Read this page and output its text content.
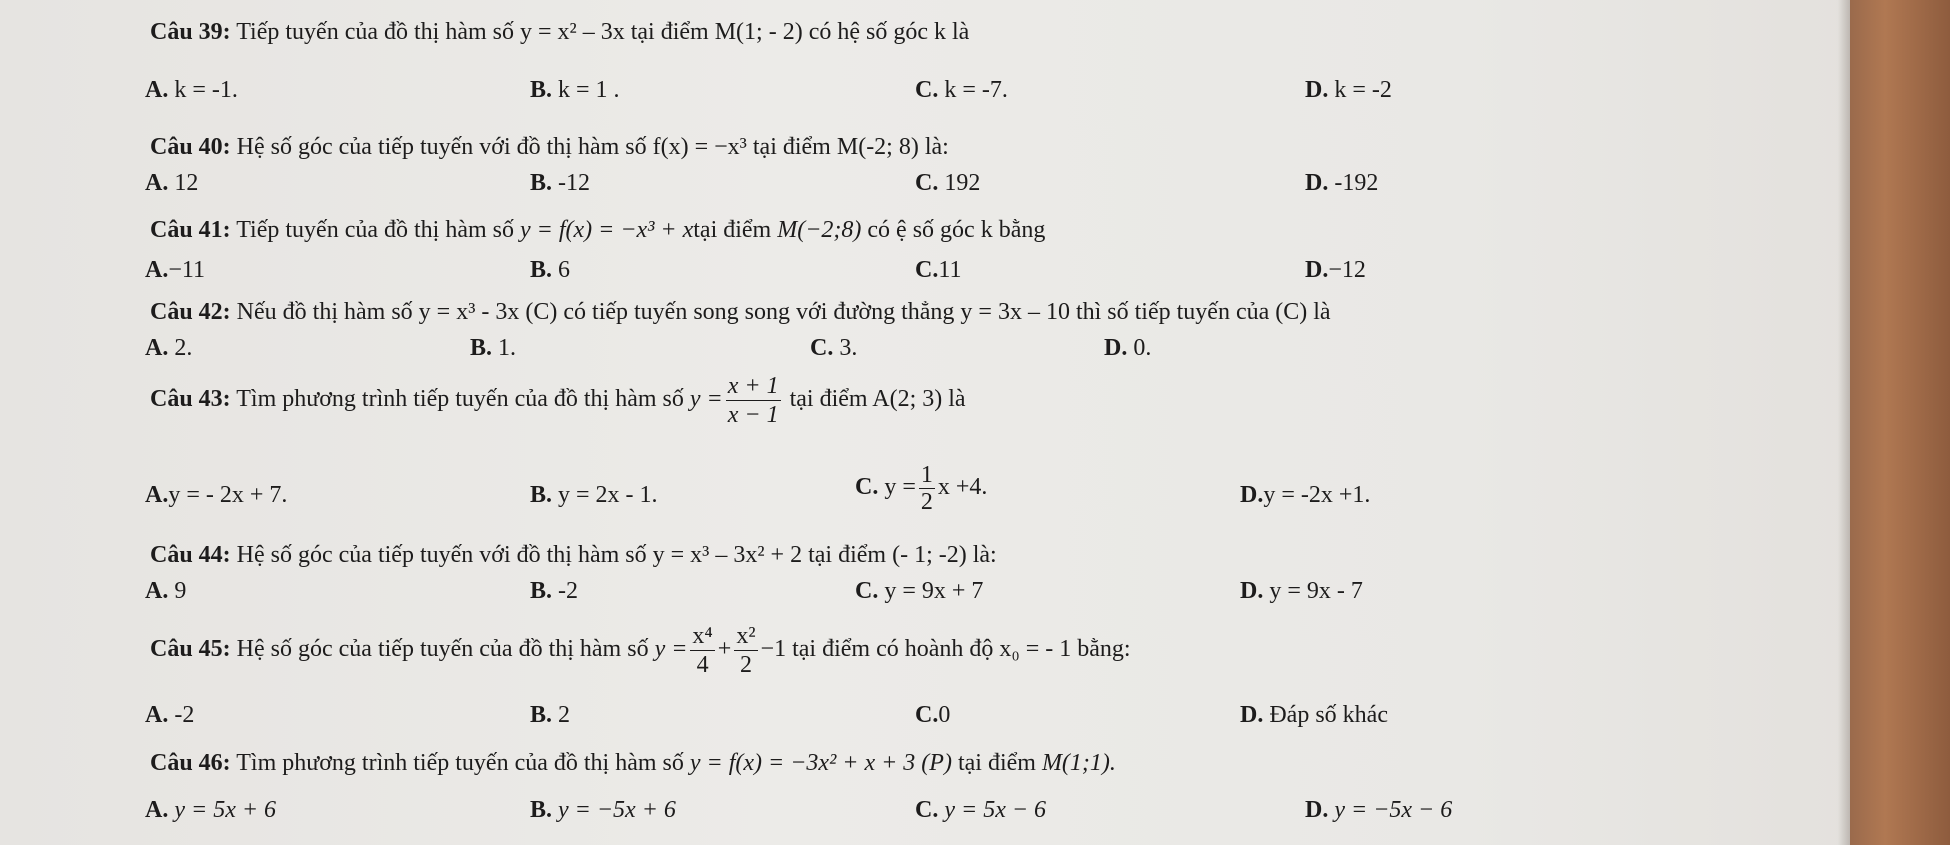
Câu 39: Tiếp tuyến của đồ thị hàm số y = x² – 3x tại điểm M(1; - 2) có hệ số góc k là
A. k = -1.	B. k = 1 .	C. k = -7.	D. k = -2
Câu 40: Hệ số góc của tiếp tuyến với đồ thị hàm số f(x) = −x³ tại điểm M(-2; 8) là:
A. 12	B. -12	C. 192	D. -192
Câu 41: Tiếp tuyến của đồ thị hàm số y = f(x) = −x³ + xtại điểm M(−2;8) có ệ số góc k bằng
A.−11	B. 6	C.11	D.−12
Câu 42: Nếu đồ thị hàm số y = x³ - 3x (C) có tiếp tuyến song song với đường thẳng y = 3x – 10 thì số tiếp tuyến của (C) là
A. 2.	B. 1.	C. 3.	D. 0.
Câu 43: Tìm phương trình tiếp tuyến của đồ thị hàm số $y = \frac{x + 1}{x - 1}$ tại điểm A(2; 3) là
A.y = - 2x + 7.	B. y = 2x - 1.	C. $y = \frac{1}{2}$ x +4.	D.y = -2x +1.
Câu 44: Hệ số góc của tiếp tuyến với đồ thị hàm số y = x³ – 3x² + 2 tại điểm (- 1; -2) là:
A. 9	B. -2	C. y = 9x + 7	D. y = 9x - 7
Câu 45: Hệ số góc của tiếp tuyến của đồ thị hàm số $y = \frac{\text{x⁴}}{4} + \frac{\text{x²}}{2} -1$ tại điểm có hoành độ x₀ = - 1 bằng:
A. -2	B. 2	C.0	D. Đáp số khác
Câu 46: Tìm phương trình tiếp tuyến của đồ thị hàm số y = f(x) = −3x² + x + 3 (P) tại điểm M(1;1).
A. y = 5x + 6	B. y = −5x + 6	C. y = 5x − 6	D. y = −5x − 6
